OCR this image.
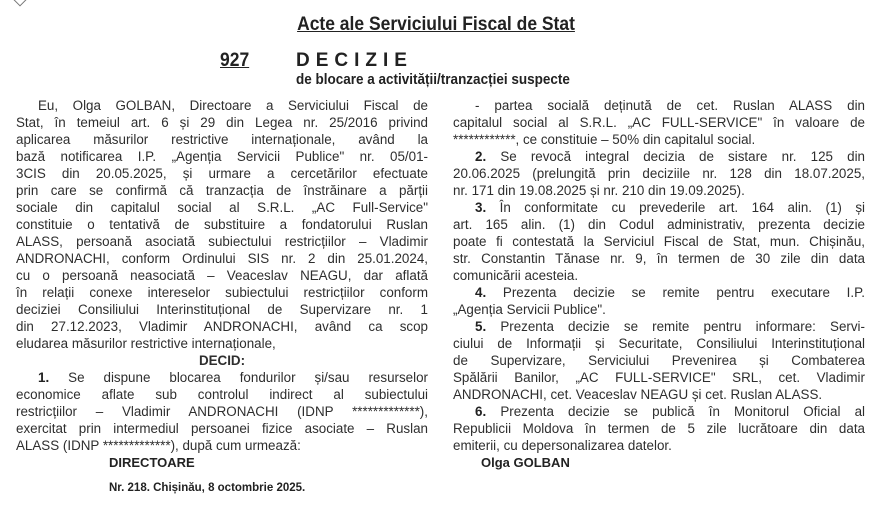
Acte ale Serviciului Fiscal de Stat
927 DECIZIE
de blocare a activității/tranzacției suspecte
Eu, Olga GOLBAN, Directoare a Serviciului Fiscal de
Stat, în temeiul art. 6 și 29 din Legea nr. 25/2016 privind
aplicarea măsurilor restrictive internaționale, având la
bază notificarea I.P. „Agenția Servicii Publice" nr. 05/01-
3CIS din 20.05.2025, și urmare a cercetărilor efectuate
prin care se confirmă că tranzacția de înstrăinare a părții
sociale din capitalul social al S.R.L. „AC Full-Service"
constituie o tentativă de substituire a fondatorului Ruslan
ALASS, persoană asociată subiectului restricțiilor – Vladimir
ANDRONACHI, conform Ordinului SIS nr. 2 din 25.01.2024,
cu o persoană neasociată – Veaceslav NEAGU, dar aflată
în relații conexe intereselor subiectului restricțiilor conform
deciziei Consiliului Interinstituțional de Supervizare nr. 1
din 27.12.2023, Vladimir ANDRONACHI, având ca scop
eludarea măsurilor restrictive internaționale,
DECID:
1. Se dispune blocarea fondurilor și/sau resurselor
economice aflate sub controlul indirect al subiectului
restricțiilor – Vladimir ANDRONACHI (IDNP *************),
exercitat prin intermediul persoanei fizice asociate – Ruslan
ALASS (IDNP *************), după cum urmează:
- partea socială deținută de cet. Ruslan ALASS din
capitalul social al S.R.L. „AC FULL-SERVICE" în valoare de
************, ce constituie – 50% din capitalul social.
2. Se revocă integral decizia de sistare nr. 125 din
20.06.2025 (prelungită prin deciziile nr. 128 din 18.07.2025,
nr. 171 din 19.08.2025 și nr. 210 din 19.09.2025).
3. În conformitate cu prevederile art. 164 alin. (1) și
art. 165 alin. (1) din Codul administrativ, prezenta decizie
poate fi contestată la Serviciul Fiscal de Stat, mun. Chișinău,
str. Constantin Tănase nr. 9, în termen de 30 zile din data
comunicării acesteia.
4. Prezenta decizie se remite pentru executare I.P.
„Agenția Servicii Publice".
5. Prezenta decizie se remite pentru informare: Servi-
ciului de Informații și Securitate, Consiliului Interinstituțional
de Supervizare, Serviciului Prevenirea și Combaterea
Spălării Banilor, „AC FULL-SERVICE" SRL, cet. Vladimir
ANDRONACHI, cet. Veaceslav NEAGU și cet. Ruslan ALASS.
6. Prezenta decizie se publică în Monitorul Oficial al
Republicii Moldova în termen de 5 zile lucrătoare din data
emiterii, cu depersonalizarea datelor.
DIRECTOARE	Olga GOLBAN
Nr. 218. Chișinău, 8 octombrie 2025.
